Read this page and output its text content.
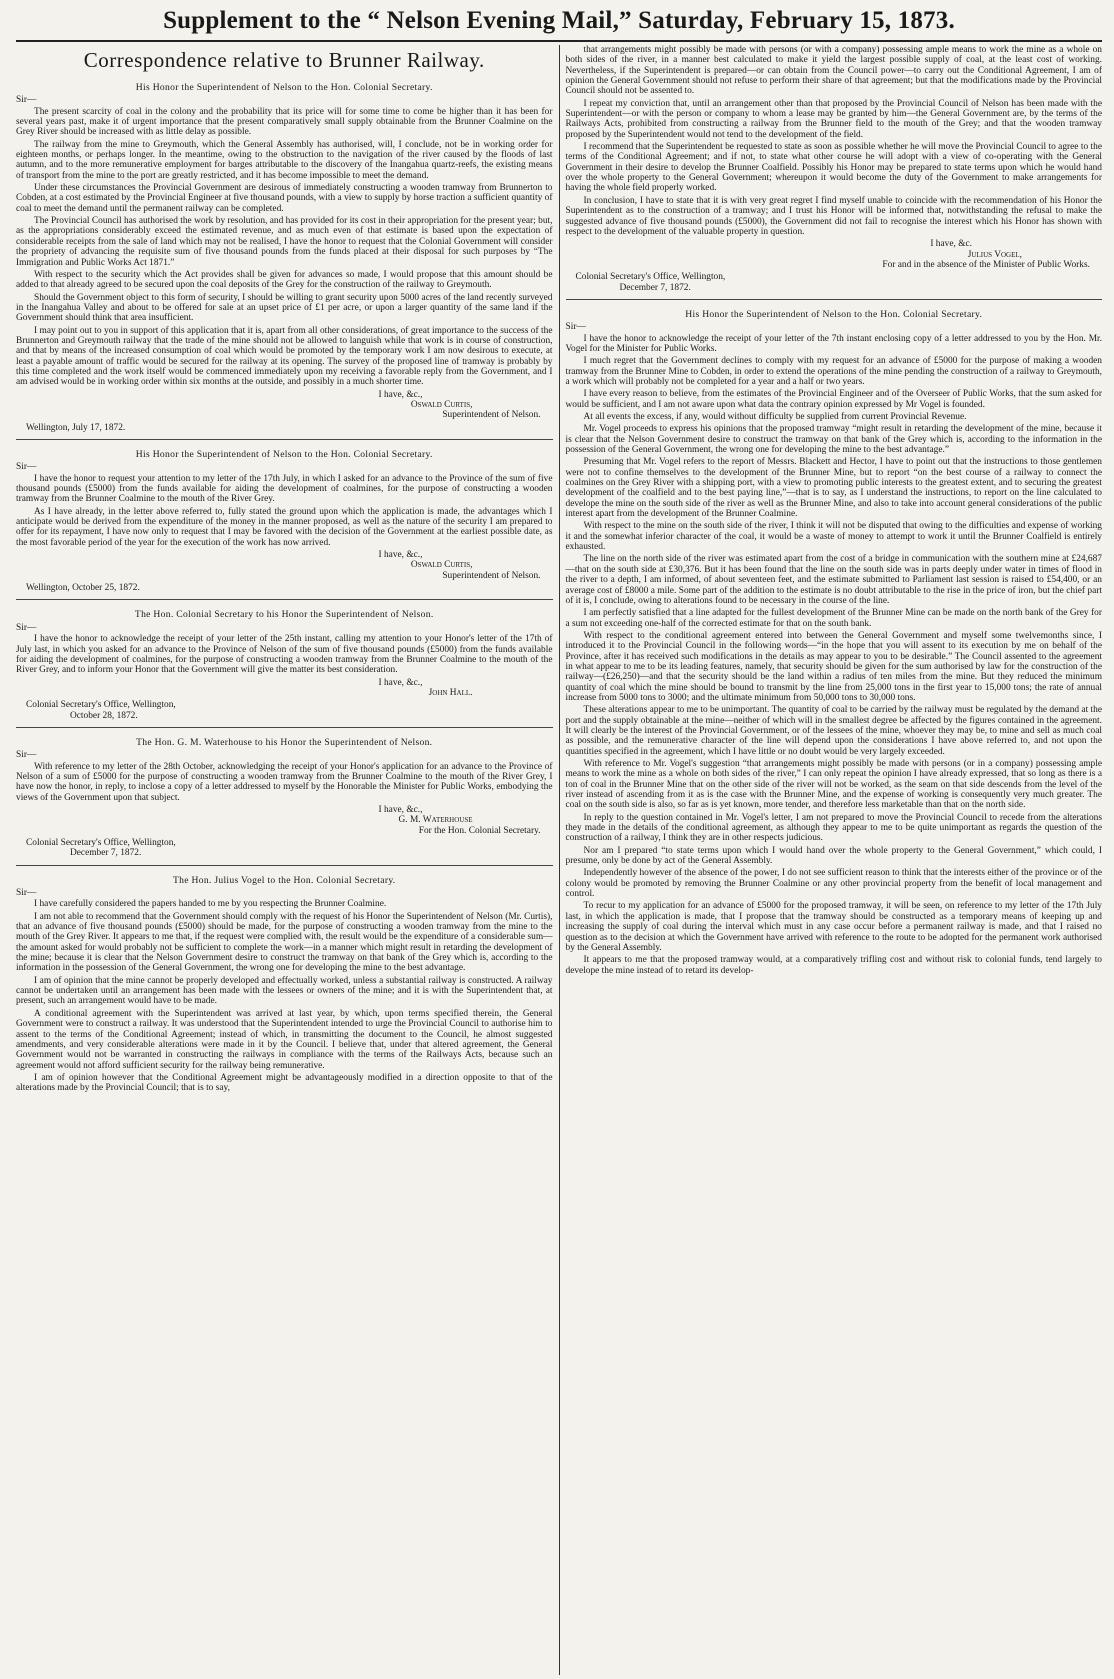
Supplement to the “ Nelson Evening Mail,” Saturday, February 15, 1873.
Correspondence relative to Brunner Railway.
His Honor the Superintendent of Nelson to the Hon. Colonial Secretary.
Sir—

The present scarcity of coal in the colony and the probability that its price will for some time to come be higher than it has been for several years past, make it of urgent importance that the present comparatively small supply obtainable from the Brunner Coalmine on the Grey River should be increased with as little delay as possible.

The railway from the mine to Greymouth, which the General Assembly has authorised, will, I conclude, not be in working order for eighteen months, or perhaps longer. In the meantime, owing to the obstruction to the navigation of the river caused by the floods of last autumn, and to the more remunerative employment for barges attributable to the discovery of the Inangahua quartz-reefs, the existing means of transport from the mine to the port are greatly restricted, and it has become impossible to meet the demand.

Under these circumstances the Provincial Government are desirous of immediately constructing a wooden tramway from Brunnerton to Cobden, at a cost estimated by the Provincial Engineer at five thousand pounds, with a view to supply by horse traction a sufficient quantity of coal to meet the demand until the permanent railway can be completed.

The Provincial Council has authorised the work by resolution, and has provided for its cost in their appropriation for the present year; but, as the appropriations considerably exceed the estimated revenue, and as much even of that estimate is based upon the expectation of considerable receipts from the sale of land which may not be realised, I have the honor to request that the Colonial Government will consider the propriety of advancing the requisite sum of five thousand pounds from the funds placed at their disposal for such purposes by “The Immigration and Public Works Act 1871.”

With respect to the security which the Act provides shall be given for advances so made, I would propose that this amount should be added to that already agreed to be secured upon the coal deposits of the Grey for the construction of the railway to Greymouth.

Should the Government object to this form of security, I should be willing to grant security upon 5000 acres of the land recently surveyed in the Inangahua Valley and about to be offered for sale at an upset price of £1 per acre, or upon a larger quantity of the same land if the Government should think that area insufficient.

I may point out to you in support of this application that it is, apart from all other considerations, of great importance to the success of the Brunnerton and Greymouth railway that the trade of the mine should not be allowed to languish while that work is in course of construction, and that by means of the increased consumption of coal which would be promoted by the temporary work I am now desirous to execute, at least a payable amount of traffic would be secured for the railway at its opening. The survey of the proposed line of tramway is probably by this time completed and the work itself would be commenced immediately upon my receiving a favorable reply from the Government, and I am advised would be in working order within six months at the outside, and possibly in a much shorter time.

I have, &c.,
Oswald Curtis,
Superintendent of Nelson.
Wellington, July 17, 1872.
His Honor the Superintendent of Nelson to the Hon. Colonial Secretary.
Sir—

I have the honor to request your attention to my letter of the 17th July, in which I asked for an advance to the Province of the sum of five thousand pounds (£5000) from the funds available for aiding the development of coalmines, for the purpose of constructing a wooden tramway from the Brunner Coalmine to the mouth of the River Grey.

As I have already, in the letter above referred to, fully stated the ground upon which the application is made, the advantages which I anticipate would be derived from the expenditure of the money in the manner proposed, as well as the nature of the security I am prepared to offer for its repayment, I have now only to request that I may be favored with the decision of the Government at the earliest possible date, as the most favorable period of the year for the execution of the work has now arrived.

I have, &c.,
Oswald Curtis,
Superintendent of Nelson.
Wellington, October 25, 1872.
The Hon. Colonial Secretary to his Honor the Superintendent of Nelson.
Sir—

I have the honor to acknowledge the receipt of your letter of the 25th instant, calling my attention to your Honor's letter of the 17th of July last, in which you asked for an advance to the Province of Nelson of the sum of five thousand pounds (£5000) from the funds available for aiding the development of coalmines, for the purpose of constructing a wooden tramway from the Brunner Coalmine to the mouth of the River Grey, and to inform your Honor that the Government will give the matter its best consideration.

I have, &c.,
John Hall.
Colonial Secretary's Office, Wellington,
October 28, 1872.
The Hon. G. M. Waterhouse to his Honor the Superintendent of Nelson.
Sir—

With reference to my letter of the 28th October, acknowledging the receipt of your Honor's application for an advance to the Province of Nelson of a sum of £5000 for the purpose of constructing a wooden tramway from the Brunner Coalmine to the mouth of the River Grey, I have now the honor, in reply, to inclose a copy of a letter addressed to myself by the Honorable the Minister for Public Works, embodying the views of the Government upon that subject.

I have, &c.,
G. M. Waterhouse
For the Hon. Colonial Secretary.
Colonial Secretary's Office, Wellington,
December 7, 1872.
The Hon. Julius Vogel to the Hon. Colonial Secretary.
Sir—

I have carefully considered the papers handed to me by you respecting the Brunner Coalmine.

I am not able to recommend that the Government should comply with the request of his Honor the Superintendent of Nelson (Mr. Curtis), that an advance of five thousand pounds (£5000) should be made, for the purpose of constructing a wooden tramway from the mine to the mouth of the Grey River. It appears to me that, if the request were complied with, the result would be the expenditure of a considerable sum—the amount asked for would probably not be sufficient to complete the work—in a manner which might result in retarding the development of the mine; because it is clear that the Nelson Government desire to construct the tramway on that bank of the Grey which is, according to the information in the possession of the General Government, the wrong one for developing the mine to the best advantage.

I am of opinion that the mine cannot be properly developed and effectually worked, unless a substantial railway is constructed. A railway cannot be undertaken until an arrangement has been made with the lessees or owners of the mine; and it is with the Superintendent that, at present, such an arrangement would have to be made.

A conditional agreement with the Superintendent was arrived at last year, by which, upon terms specified therein, the General Government were to construct a railway. It was understood that the Superintendent intended to urge the Provincial Council to authorise him to assent to the terms of the Conditional Agreement; instead of which, in transmitting the document to the Council, he almost suggested amendments, and very considerable alterations were made in it by the Council. I believe that, under that altered agreement, the General Government would not be warranted in constructing the railways in compliance with the terms of the Railways Acts, because such an agreement would not afford sufficient security for the railway being remunerative.

I am of opinion however that the Conditional Agreement might be advantageously modified in a direction opposite to that of the alterations made by the Provincial Council; that is to say,

that arrangements might possibly be made with persons (or with a company) possessing ample means to work the mine as a whole on both sides of the river, in a manner best calculated to make it yield the largest possible supply of coal, at the least cost of working. Nevertheless, if the Superintendent is prepared—or can obtain from the Council power—to carry out the Conditional Agreement, I am of opinion the General Government should not refuse to perform their share of that agreement; but that the modifications made by the Provincial Council should not be assented to.

I repeat my conviction that, until an arrangement other than that proposed by the Provincial Council of Nelson has been made with the Superintendent—or with the person or company to whom a lease may be granted by him—the General Government are, by the terms of the Railways Acts, prohibited from constructing a railway from the Brunner field to the mouth of the Grey; and that the wooden tramway proposed by the Superintendent would not tend to the development of the field.

I recommend that the Superintendent be requested to state as soon as possible whether he will move the Provincial Council to agree to the terms of the Conditional Agreement; and if not, to state what other course he will adopt with a view of co-operating with the General Government in their desire to develop the Brunner Coalfield. Possibly his Honor may be prepared to state terms upon which he would hand over the whole property to the General Government; whereupon it would become the duty of the Government to make arrangements for having the whole field properly worked.

In conclusion, I have to state that it is with very great regret I find myself unable to coincide with the recommendation of his Honor the Superintendent as to the construction of a tramway; and I trust his Honor will be informed that, notwithstanding the refusal to make the suggested advance of five thousand pounds (£5000), the Government did not fail to recognise the interest which his Honor has shown with respect to the development of the valuable property in question.

I have, &c.
Julius Vogel,
For and in the absence of the Minister of Public Works.
Colonial Secretary's Office, Wellington,
December 7, 1872.
His Honor the Superintendent of Nelson to the Hon. Colonial Secretary.
Sir—

I have the honor to acknowledge the receipt of your letter of the 7th instant enclosing copy of a letter addressed to you by the Hon. Mr. Vogel for the Minister for Public Works.

I much regret that the Government declines to comply with my request for an advance of £5000 for the purpose of making a wooden tramway from the Brunner Mine to Cobden, in order to extend the operations of the mine pending the construction of a railway to Greymouth, a work which will probably not be completed for a year and a half or two years.

I have every reason to believe, from the estimates of the Provincial Engineer and of the Overseer of Public Works, that the sum asked for would be sufficient, and I am not aware upon what data the contrary opinion expressed by Mr Vogel is founded.

At all events the excess, if any, would without difficulty be supplied from current Provincial Revenue.

Mr. Vogel proceeds to express his opinions that the proposed tramway “might result in retarding the development of the mine, because it is clear that the Nelson Government desire to construct the tramway on that bank of the Grey which is, according to the information in the possession of the General Government, the wrong one for developing the mine to the best advantage.”

Presuming that Mr. Vogel refers to the report of Messrs. Blackett and Hector, I have to point out that the instructions to those gentlemen were not to confine themselves to the development of the Brunner Mine, but to report “on the best course of a railway to connect the coalmines on the Grey River with a shipping port, with a view to promoting public interests to the greatest extent, and to securing the greatest development of the coalfield and to the best paying line,”—that is to say, as I understand the instructions, to report on the line calculated to develope the mine on the south side of the river as well as the Brunner Mine, and also to take into account general considerations of the public interest apart from the development of the Brunner Coalmine.

With respect to the mine on the south side of the river, I think it will not be disputed that owing to the difficulties and expense of working it and the somewhat inferior character of the coal, it would be a waste of money to attempt to work it until the Brunner Coalfield is entirely exhausted.

The line on the north side of the river was estimated apart from the cost of a bridge in communication with the southern mine at £24,687—that on the south side at £30,376. But it has been found that the line on the south side was in parts deeply under water in times of flood in the river to a depth, I am informed, of about seventeen feet, and the estimate submitted to Parliament last session is raised to £54,400, or an average cost of £8000 a mile. Some part of the addition to the estimate is no doubt attributable to the rise in the price of iron, but the chief part of it is, I conclude, owing to alterations found to be necessary in the course of the line.

I am perfectly satisfied that a line adapted for the fullest development of the Brunner Mine can be made on the north bank of the Grey for a sum not exceeding one-half of the corrected estimate for that on the south bank.

With respect to the conditional agreement entered into between the General Government and myself some twelvemonths since, I introduced it to the Provincial Council in the following words—“in the hope that you will assent to its execution by me on behalf of the Province, after it has received such modifications in the details as may appear to you to be desirable.” The Council assented to the agreement in what appear to me to be its leading features, namely, that security should be given for the sum authorised by law for the construction of the railway—(£26,250)—and that the security should be the land within a radius of ten miles from the mine. But they reduced the minimum quantity of coal which the mine should be bound to transmit by the line from 25,000 tons in the first year to 15,000 tons; the rate of annual increase from 5000 tons to 3000; and the ultimate minimum from 50,000 tons to 30,000 tons.

These alterations appear to me to be unimportant. The quantity of coal to be carried by the railway must be regulated by the demand at the port and the supply obtainable at the mine—neither of which will in the smallest degree be affected by the figures contained in the agreement. It will clearly be the interest of the Provincial Government, or of the lessees of the mine, whoever they may be, to mine and sell as much coal as possible, and the remunerative character of the line will depend upon the considerations I have above referred to, and not upon the quantities specified in the agreement, which I have little or no doubt would be very largely exceeded.

With reference to Mr. Vogel's suggestion “that arrangements might possibly be made with persons (or in a company) possessing ample means to work the mine as a whole on both sides of the river,” I can only repeat the opinion I have already expressed, that so long as there is a ton of coal in the Brunner Mine that on the other side of the river will not be worked, as the seam on that side descends from the level of the river instead of ascending from it as is the case with the Brunner Mine, and the expense of working is consequently very much greater. The coal on the south side is also, so far as is yet known, more tender, and therefore less marketable than that on the north side.

In reply to the question contained in Mr. Vogel's letter, I am not prepared to move the Provincial Council to recede from the alterations they made in the details of the conditional agreement, as although they appear to me to be quite unimportant as regards the question of the construction of a railway, I think they are in other respects judicious.

Nor am I prepared “to state terms upon which I would hand over the whole property to the General Government,” which could, I presume, only be done by act of the General Assembly.

Independently however of the absence of the power, I do not see sufficient reason to think that the interests either of the province or of the colony would be promoted by removing the Brunner Coalmine or any other provincial property from the benefit of local management and control.

To recur to my application for an advance of £5000 for the proposed tramway, it will be seen, on reference to my letter of the 17th July last, in which the application is made, that I propose that the tramway should be constructed as a temporary means of keeping up and increasing the supply of coal during the interval which must in any case occur before a permanent railway is made, and that I raised no question as to the decision at which the Government have arrived with reference to the route to be adopted for the permanent work authorised by the General Assembly.

It appears to me that the proposed tramway would, at a comparatively trifling cost and without risk to colonial funds, tend largely to develope the mine instead of to retard its develop-
